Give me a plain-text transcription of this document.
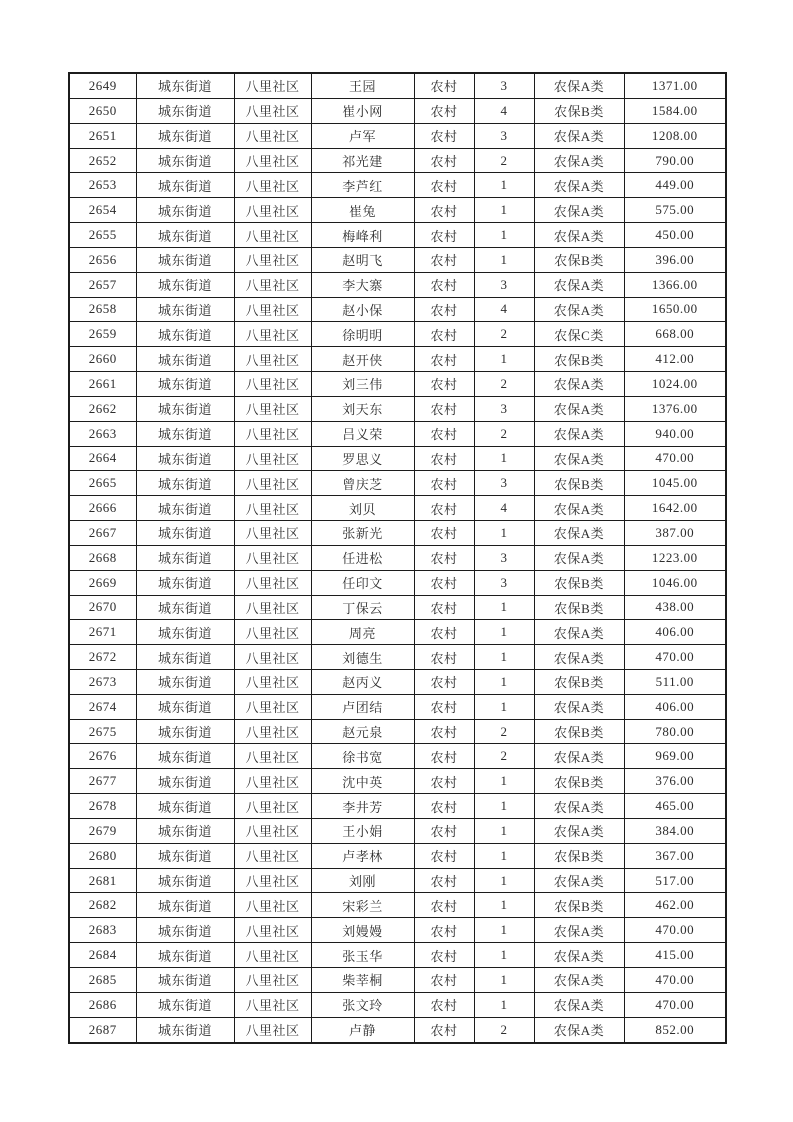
2649	城东街道	八里社区	王园	农村	3	农保A类	1371.00
2650	城东街道	八里社区	崔小网	农村	4	农保B类	1584.00
2651	城东街道	八里社区	卢军	农村	3	农保A类	1208.00
2652	城东街道	八里社区	祁光建	农村	2	农保A类	790.00
2653	城东街道	八里社区	李芦红	农村	1	农保A类	449.00
2654	城东街道	八里社区	崔兔	农村	1	农保A类	575.00
2655	城东街道	八里社区	梅峰利	农村	1	农保A类	450.00
2656	城东街道	八里社区	赵明飞	农村	1	农保B类	396.00
2657	城东街道	八里社区	李大寨	农村	3	农保A类	1366.00
2658	城东街道	八里社区	赵小保	农村	4	农保A类	1650.00
2659	城东街道	八里社区	徐明明	农村	2	农保C类	668.00
2660	城东街道	八里社区	赵开侠	农村	1	农保B类	412.00
2661	城东街道	八里社区	刘三伟	农村	2	农保A类	1024.00
2662	城东街道	八里社区	刘天东	农村	3	农保A类	1376.00
2663	城东街道	八里社区	吕义荣	农村	2	农保A类	940.00
2664	城东街道	八里社区	罗思义	农村	1	农保A类	470.00
2665	城东街道	八里社区	曾庆芝	农村	3	农保B类	1045.00
2666	城东街道	八里社区	刘贝	农村	4	农保A类	1642.00
2667	城东街道	八里社区	张新光	农村	1	农保A类	387.00
2668	城东街道	八里社区	任进松	农村	3	农保A类	1223.00
2669	城东街道	八里社区	任印文	农村	3	农保B类	1046.00
2670	城东街道	八里社区	丁保云	农村	1	农保B类	438.00
2671	城东街道	八里社区	周亮	农村	1	农保A类	406.00
2672	城东街道	八里社区	刘德生	农村	1	农保A类	470.00
2673	城东街道	八里社区	赵丙义	农村	1	农保B类	511.00
2674	城东街道	八里社区	卢团结	农村	1	农保A类	406.00
2675	城东街道	八里社区	赵元泉	农村	2	农保B类	780.00
2676	城东街道	八里社区	徐书宽	农村	2	农保A类	969.00
2677	城东街道	八里社区	沈中英	农村	1	农保B类	376.00
2678	城东街道	八里社区	李井芳	农村	1	农保A类	465.00
2679	城东街道	八里社区	王小娟	农村	1	农保A类	384.00
2680	城东街道	八里社区	卢孝林	农村	1	农保B类	367.00
2681	城东街道	八里社区	刘刚	农村	1	农保A类	517.00
2682	城东街道	八里社区	宋彩兰	农村	1	农保B类	462.00
2683	城东街道	八里社区	刘嫚嫚	农村	1	农保A类	470.00
2684	城东街道	八里社区	张玉华	农村	1	农保A类	415.00
2685	城东街道	八里社区	柴莘桐	农村	1	农保A类	470.00
2686	城东街道	八里社区	张文玲	农村	1	农保A类	470.00
2687	城东街道	八里社区	卢静	农村	2	农保A类	852.00
